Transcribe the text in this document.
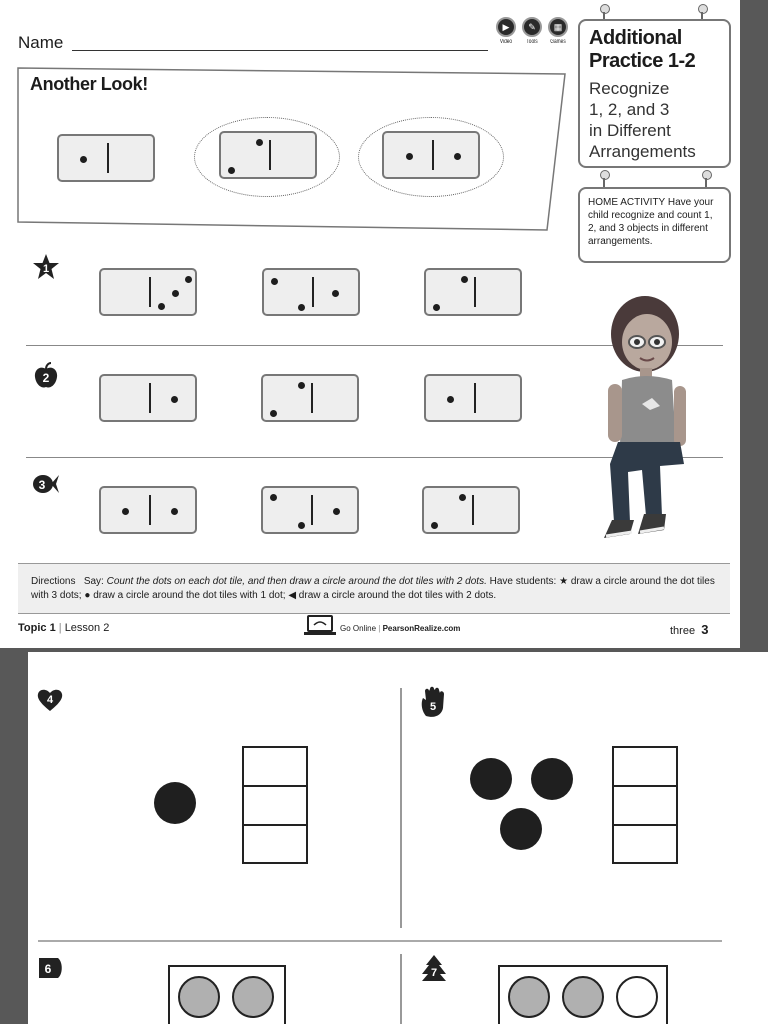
Name
▶
Video
✎
Tools
▦
Games Additional
Practice 1-2
Recognize
1, 2, and 3
in Different
Arrangements
HOME ACTIVITY Have your child recognize and count 1, 2, and 3 objects in different arrangements.
Another Look!
1
2
3
Directions Say: Count the dots on each dot tile, and then draw a circle around the dot tiles with 2 dots. Have students: ★ draw a circle around the dot tiles with 3 dots; ● draw a circle around the dot tiles with 1 dot; ◀ draw a circle around the dot tiles with 2 dots.
Topic 1 | Lesson 2	Go Online | PearsonRealize.com	three 3
4
5
6	7
